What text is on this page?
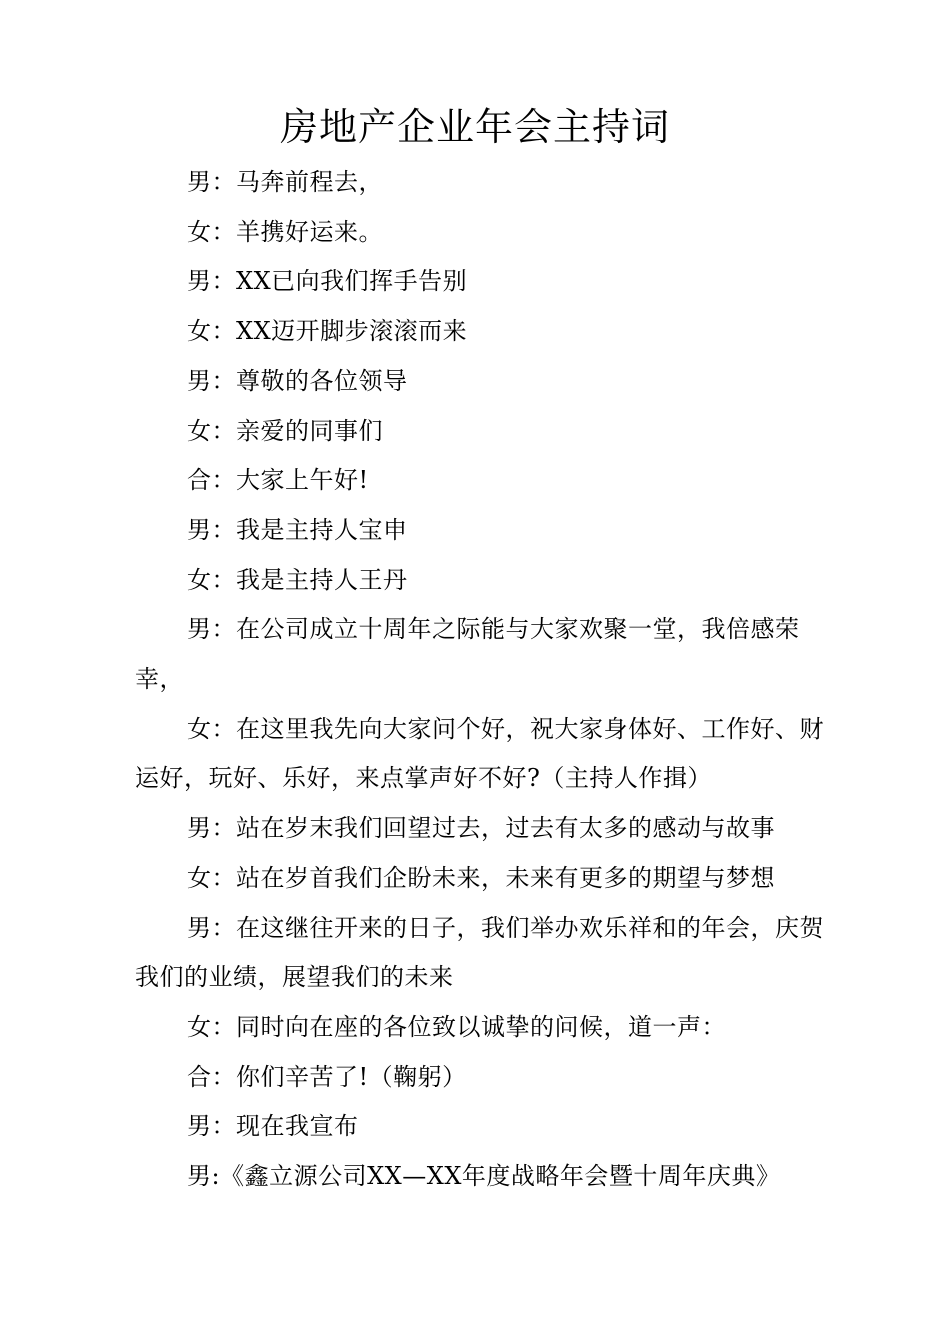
房地产企业年会主持词

男：马奔前程去，

女：羊携好运来。

男：XX已向我们挥手告别

女：XX迈开脚步滚滚而来

男：尊敬的各位领导

女：亲爱的同事们

合：大家上午好!

男：我是主持人宝申

女：我是主持人王丹

男：在公司成立十周年之际能与大家欢聚一堂，我倍感荣幸，

女：在这里我先向大家问个好，祝大家身体好、工作好、财运好，玩好、乐好，来点掌声好不好?（主持人作揖）

男：站在岁末我们回望过去，过去有太多的感动与故事

女：站在岁首我们企盼未来，未来有更多的期望与梦想

男：在这继往开来的日子，我们举办欢乐祥和的年会，庆贺我们的业绩，展望我们的未来

女：同时向在座的各位致以诚挚的问候，道一声：

合：你们辛苦了!（鞠躬）

男：现在我宣布

男:《鑫立源公司XX—XX年度战略年会暨十周年庆典》
